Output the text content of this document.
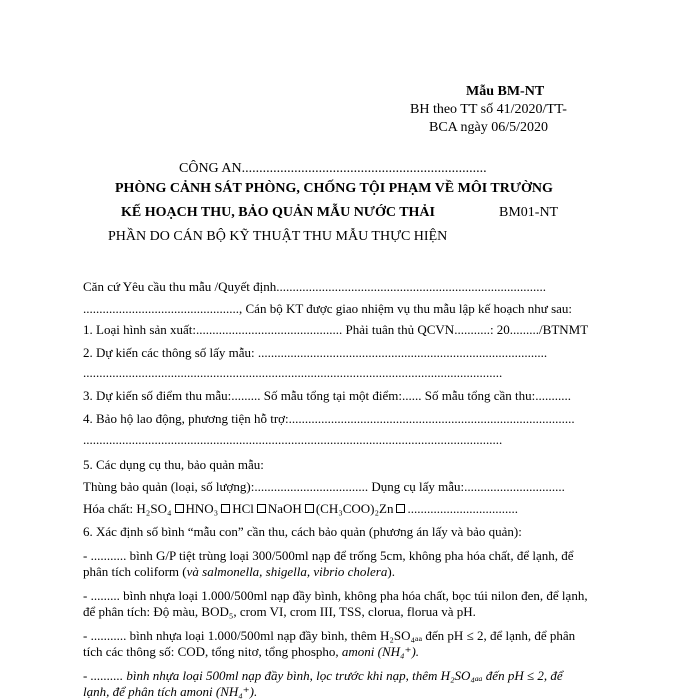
Mẫu BM-NT
BH theo TT số 41/2020/TT-
BCA ngày 06/5/2020
CÔNG AN......................................................................
PHÒNG CẢNH SÁT PHÒNG, CHỐNG TỘI PHẠM VỀ MÔI TRƯỜNG
KẾ HOẠCH THU, BẢO QUẢN MẪU NƯỚC THẢI	BM01-NT
PHẦN DO CÁN BỘ KỸ THUẬT THU MẪU THỰC HIỆN
Căn cứ Yêu cầu thu mẫu /Quyết định...................................................................................
................................................, Cán bộ KT được giao nhiệm vụ thu mẫu lập kế hoạch như sau:
1. Loại hình sản xuất:............................................. Phải tuân thủ QCVN...........: 20........./BTNMT
2. Dự kiến các thông số lấy mẫu: .........................................................................................
.................................................................................................................................
3. Dự kiến số điểm thu mẫu:......... Số mẫu tổng tại một điểm:...... Số mẫu tổng cần thu:...........
4. Bảo hộ lao động, phương tiện hỗ trợ:........................................................................................
.................................................................................................................................
5. Các dụng cụ thu, bảo quản mẫu:
Thùng bảo quản (loại, số lượng):................................... Dụng cụ lấy mẫu:...............................
Hóa chất: H₂SO₄ HNO₃ HCl NaOH (CH₃COO)₂Zn ..................................
6. Xác định số bình “mẫu con” cần thu, cách bảo quản (phương án lấy và bảo quản):
- ........... bình G/P tiệt trùng loại 300/500ml nạp để trống 5cm, không pha hóa chất, để lạnh, để
phân tích coliform (và salmonella, shigella, vibrio cholera).
- ......... bình nhựa loại 1.000/500ml nạp đầy bình, không pha hóa chất, bọc túi nilon đen, để lạnh,
để phân tích: Độ màu, BOD₅, crom VI, crom III, TSS, clorua, florua và pH.
- ........... bình nhựa loại 1.000/500ml nạp đầy bình, thêm H₂SO₄ₐₐ đến pH ≤ 2, để lạnh, để phân
tích các thông số: COD, tổng nitơ, tổng phospho, amoni (NH₄⁺).
- .......... bình nhựa loại 500ml nạp đầy bình, lọc trước khi nạp, thêm H₂SO₄ₐₐ đến pH ≤ 2, để
lạnh, để phân tích amoni (NH₄⁺).
